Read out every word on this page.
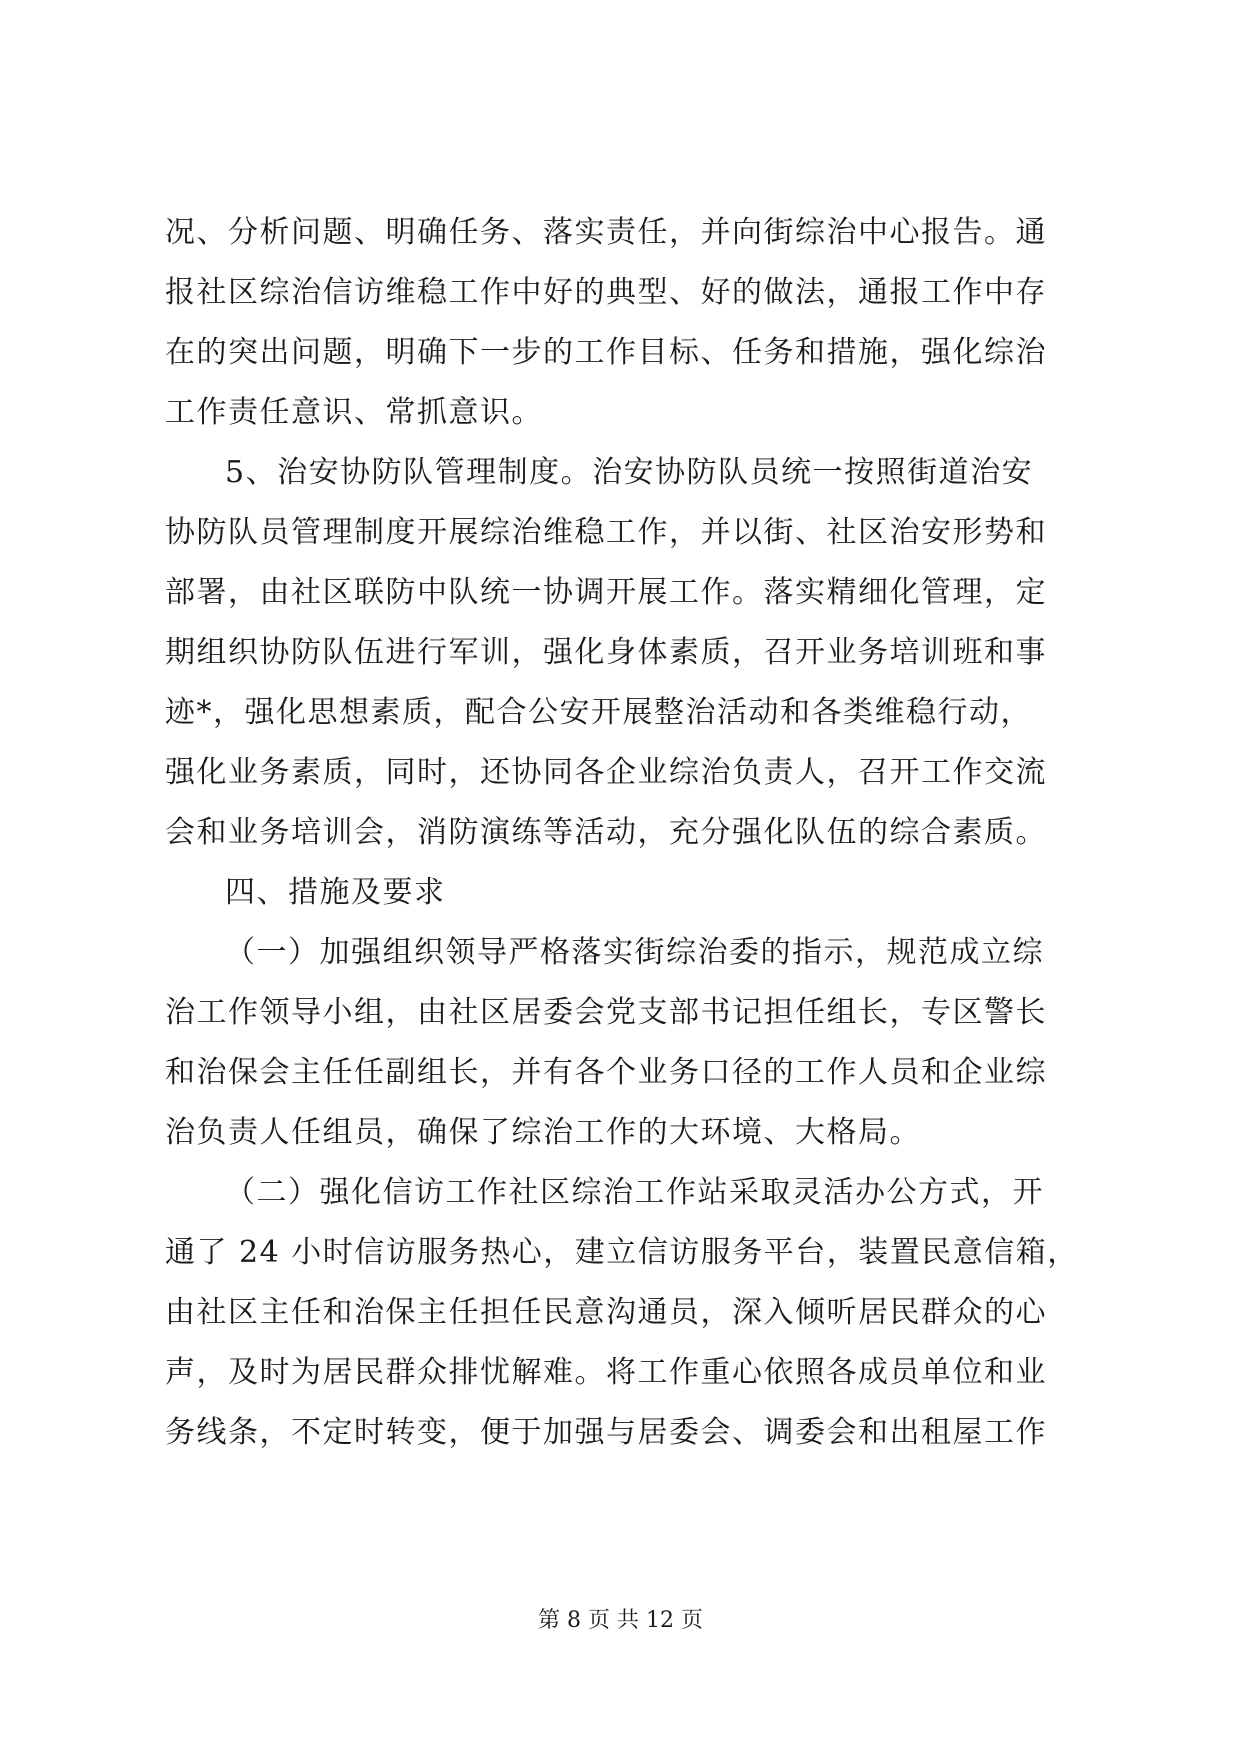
况、分析问题、明确任务、落实责任，并向街综治中心报告。通

报社区综治信访维稳工作中好的典型、好的做法，通报工作中存

在的突出问题，明确下一步的工作目标、任务和措施，强化综治

工作责任意识、常抓意识。

5、治安协防队管理制度。治安协防队员统一按照街道治安

协防队员管理制度开展综治维稳工作，并以街、社区治安形势和

部署，由社区联防中队统一协调开展工作。落实精细化管理，定

期组织协防队伍进行军训，强化身体素质，召开业务培训班和事

迹*，强化思想素质，配合公安开展整治活动和各类维稳行动，

强化业务素质，同时，还协同各企业综治负责人，召开工作交流

会和业务培训会，消防演练等活动，充分强化队伍的综合素质。

四、措施及要求

（一）加强组织领导严格落实街综治委的指示，规范成立综

治工作领导小组，由社区居委会党支部书记担任组长，专区警长

和治保会主任任副组长，并有各个业务口径的工作人员和企业综

治负责人任组员，确保了综治工作的大环境、大格局。

（二）强化信访工作社区综治工作站采取灵活办公方式，开

通了 24 小时信访服务热心，建立信访服务平台，装置民意信箱，

由社区主任和治保主任担任民意沟通员，深入倾听居民群众的心

声，及时为居民群众排忧解难。将工作重心依照各成员单位和业

务线条，不定时转变，便于加强与居委会、调委会和出租屋工作

第 8 页 共 12 页
